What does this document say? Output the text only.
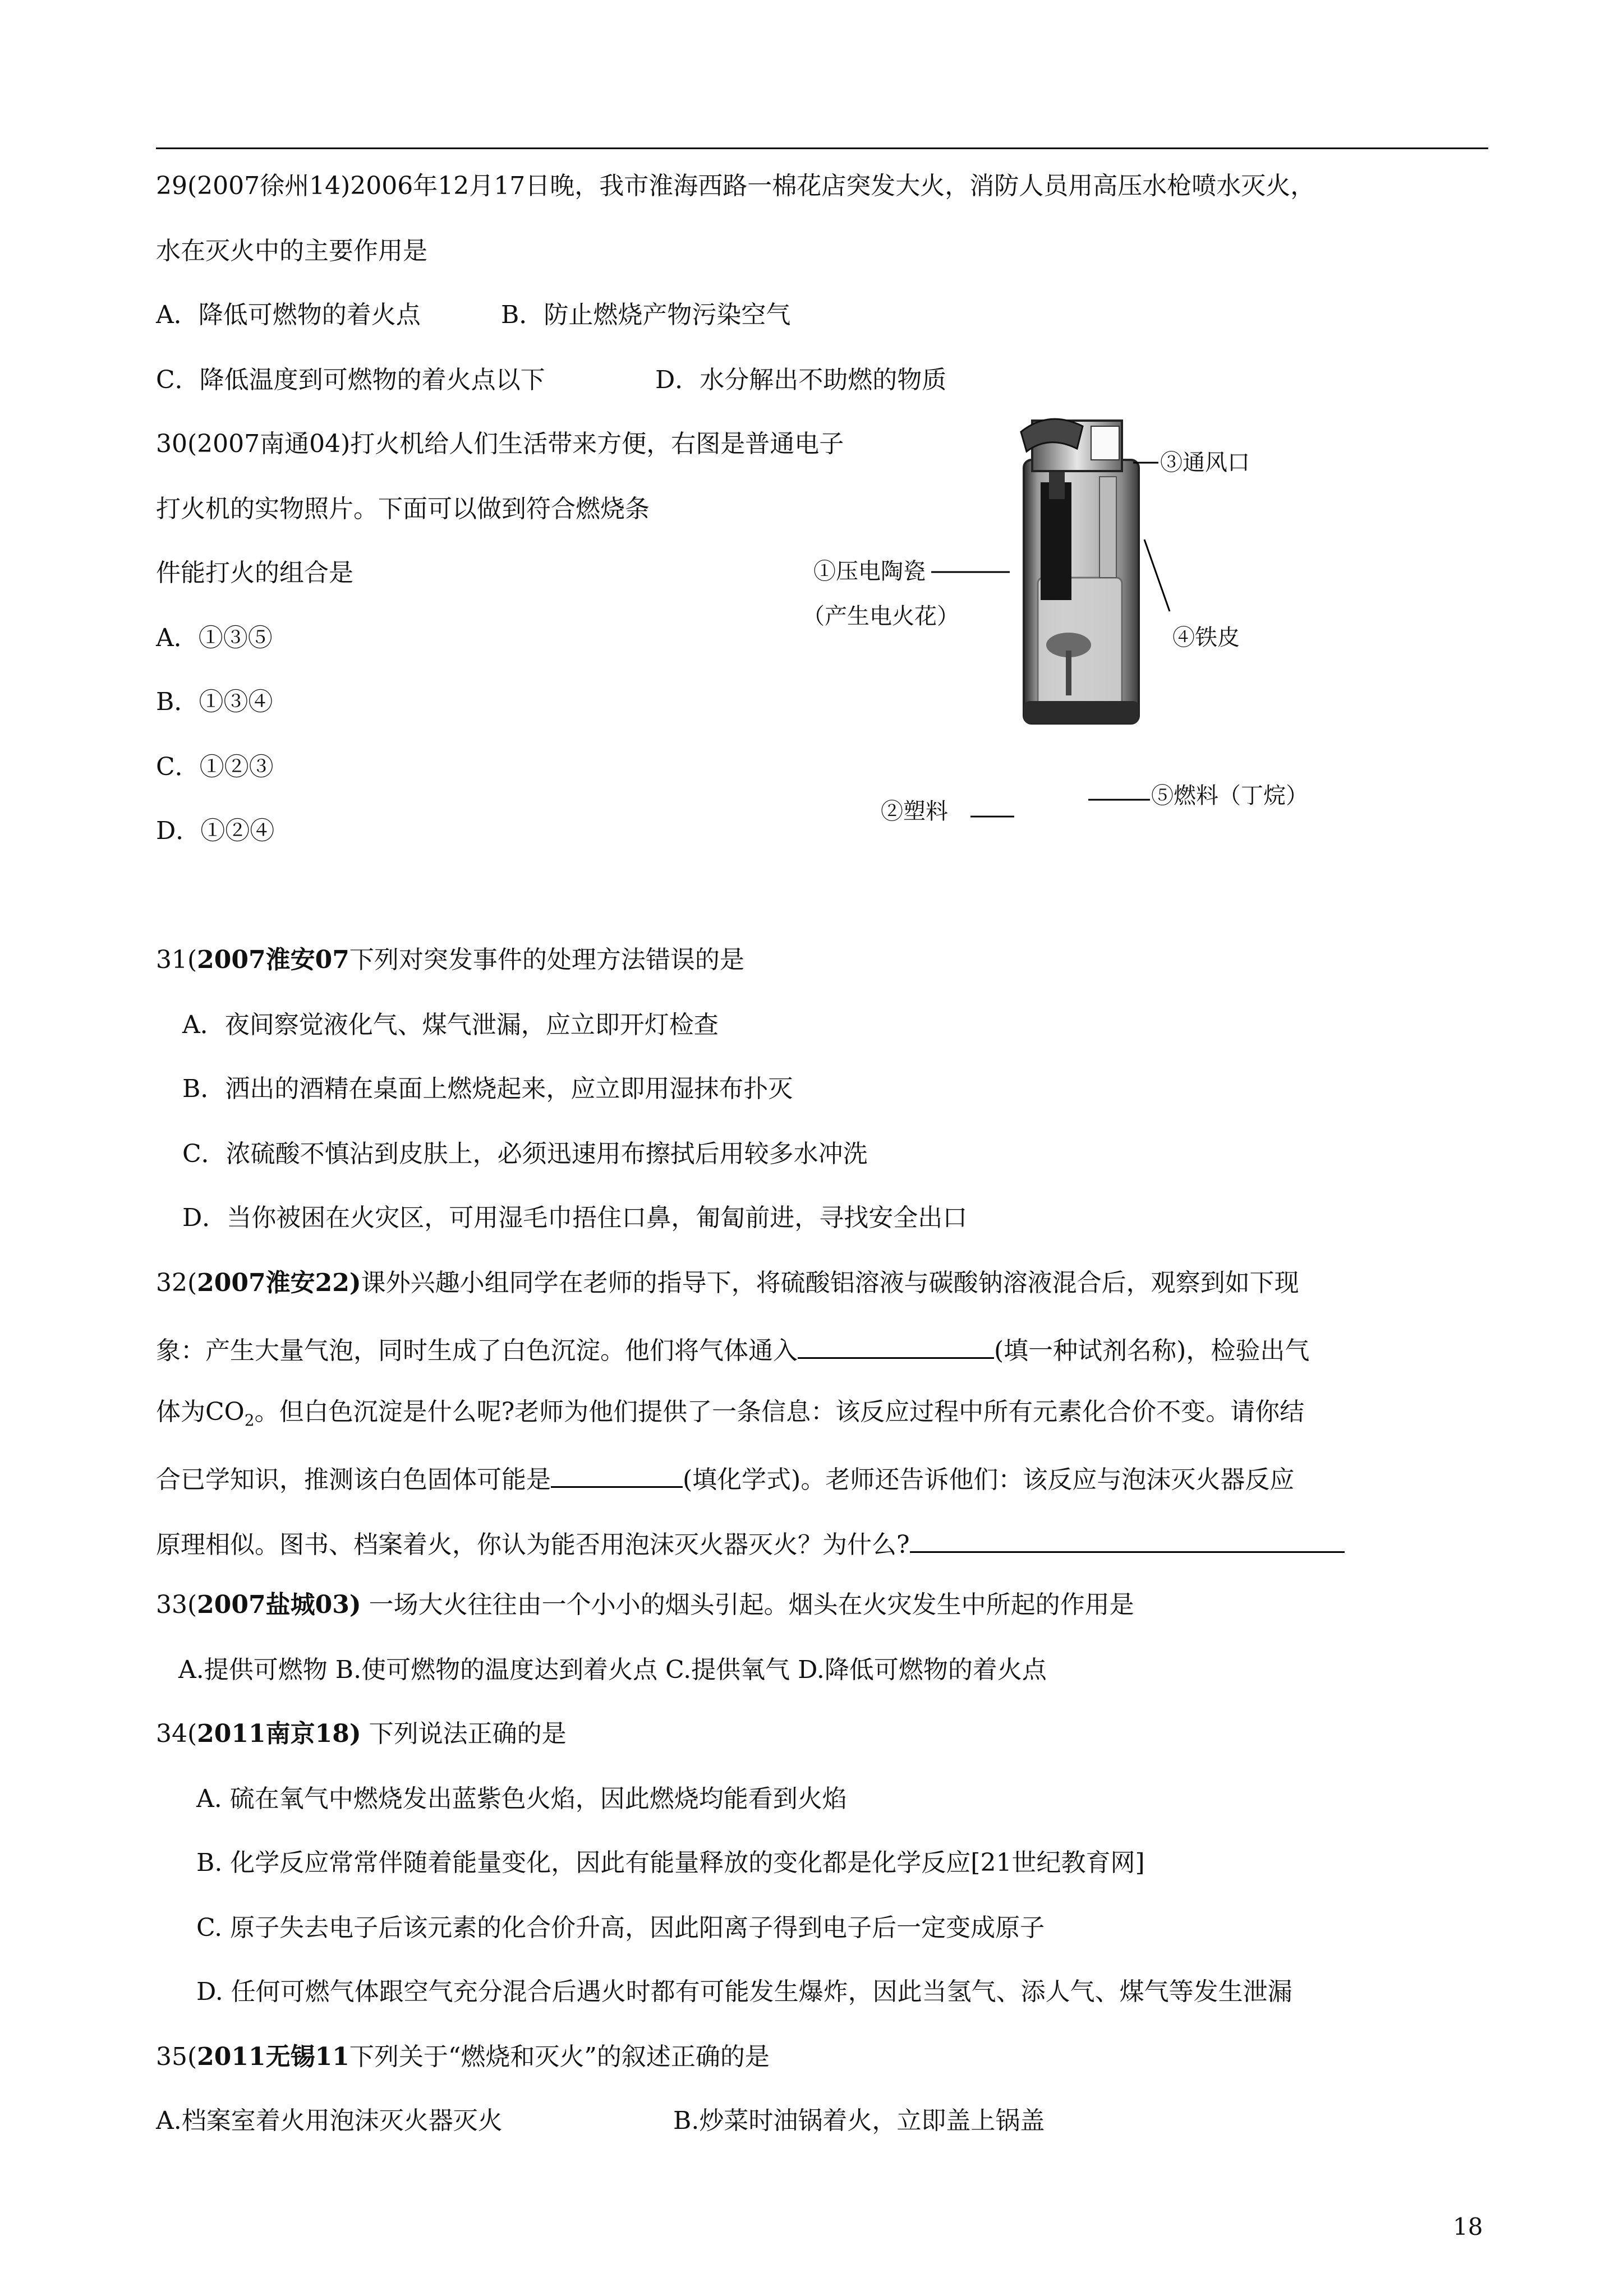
29(2007徐州14)2006年12月17日晚，我市淮海西路一棉花店突发大火，消防人员用高压水枪喷水灭火，
水在灭火中的主要作用是
A．降低可燃物的着火点	B．防止燃烧产物污染空气
C．降低温度到可燃物的着火点以下	D．水分解出不助燃的物质
30(2007南通04)打火机给人们生活带来方便，右图是普通电子
打火机的实物照片。下面可以做到符合燃烧条
件能打火的组合是
A．①③⑤
B．①③④
C．①②③
D．①②④
③通风口
①压电陶瓷
（产生电火花）
④铁皮
②塑料
⑤燃料（丁烷）
31(2007淮安07下列对突发事件的处理方法错误的是
A．夜间察觉液化气、煤气泄漏，应立即开灯检查
B．洒出的酒精在桌面上燃烧起来，应立即用湿抹布扑灭
C．浓硫酸不慎沾到皮肤上，必须迅速用布擦拭后用较多水冲洗
D．当你被困在火灾区，可用湿毛巾捂住口鼻，匍匐前进，寻找安全出口
32(2007淮安22)课外兴趣小组同学在老师的指导下，将硫酸铝溶液与碳酸钠溶液混合后，观察到如下现
象：产生大量气泡，同时生成了白色沉淀。他们将气体通入	(填一种试剂名称)，检验出气
体为$CO_2$。但白色沉淀是什么呢?老师为他们提供了一条信息：该反应过程中所有元素化合价不变。请你结
合已学知识，推测该白色固体可能是	(填化学式)。老师还告诉他们：该反应与泡沫灭火器反应
原理相似。图书、档案着火，你认为能否用泡沫灭火器灭火？为什么?
33(2007盐城03) 一场大火往往由一个小小的烟头引起。烟头在火灾发生中所起的作用是
A.提供可燃物 B.使可燃物的温度达到着火点 C.提供氧气 D.降低可燃物的着火点
34(2011南京18) 下列说法正确的是
A. 硫在氧气中燃烧发出蓝紫色火焰，因此燃烧均能看到火焰
B. 化学反应常常伴随着能量变化，因此有能量释放的变化都是化学反应[21世纪教育网]
C. 原子失去电子后该元素的化合价升高，因此阳离子得到电子后一定变成原子
D. 任何可燃气体跟空气充分混合后遇火时都有可能发生爆炸，因此当氢气、添人气、煤气等发生泄漏
35(2011无锡11下列关于“燃烧和灭火”的叙述正确的是
A.档案室着火用泡沫灭火器灭火	B.炒菜时油锅着火，立即盖上锅盖
18
